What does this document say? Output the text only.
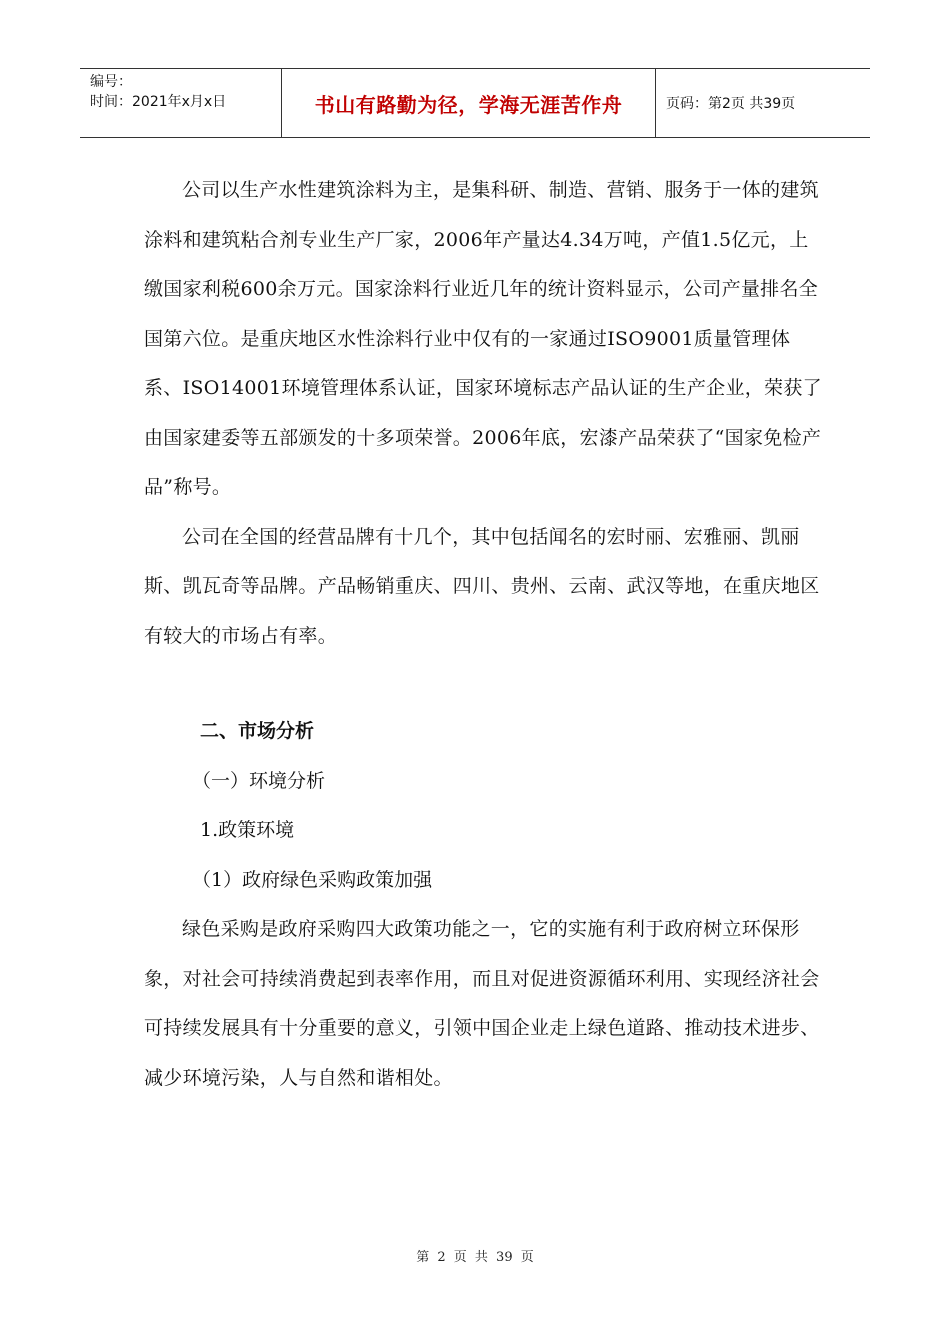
编号：
时间：2021年x月x日	书山有路勤为径，学海无涯苦作舟	页码：第2页 共39页

公司以生产水性建筑涂料为主，是集科研、制造、营销、服务于一体的建筑涂料和建筑粘合剂专业生产厂家，2006年产量达4.34万吨，产值1.5亿元，上缴国家利税600余万元。国家涂料行业近几年的统计资料显示，公司产量排名全国第六位。是重庆地区水性涂料行业中仅有的一家通过ISO9001质量管理体系、ISO14001环境管理体系认证，国家环境标志产品认证的生产企业，荣获了由国家建委等五部颁发的十多项荣誉。2006年底，宏漆产品荣获了“国家免检产品”称号。

公司在全国的经营品牌有十几个，其中包括闻名的宏时丽、宏雅丽、凯丽斯、凯瓦奇等品牌。产品畅销重庆、四川、贵州、云南、武汉等地，在重庆地区有较大的市场占有率。

二、市场分析

（一）环境分析

1.政策环境

（1）政府绿色采购政策加强

绿色采购是政府采购四大政策功能之一，它的实施有利于政府树立环保形象，对社会可持续消费起到表率作用，而且对促进资源循环利用、实现经济社会可持续发展具有十分重要的意义，引领中国企业走上绿色道路、推动技术进步、减少环境污染，人与自然和谐相处。

第 2 页 共 39 页
